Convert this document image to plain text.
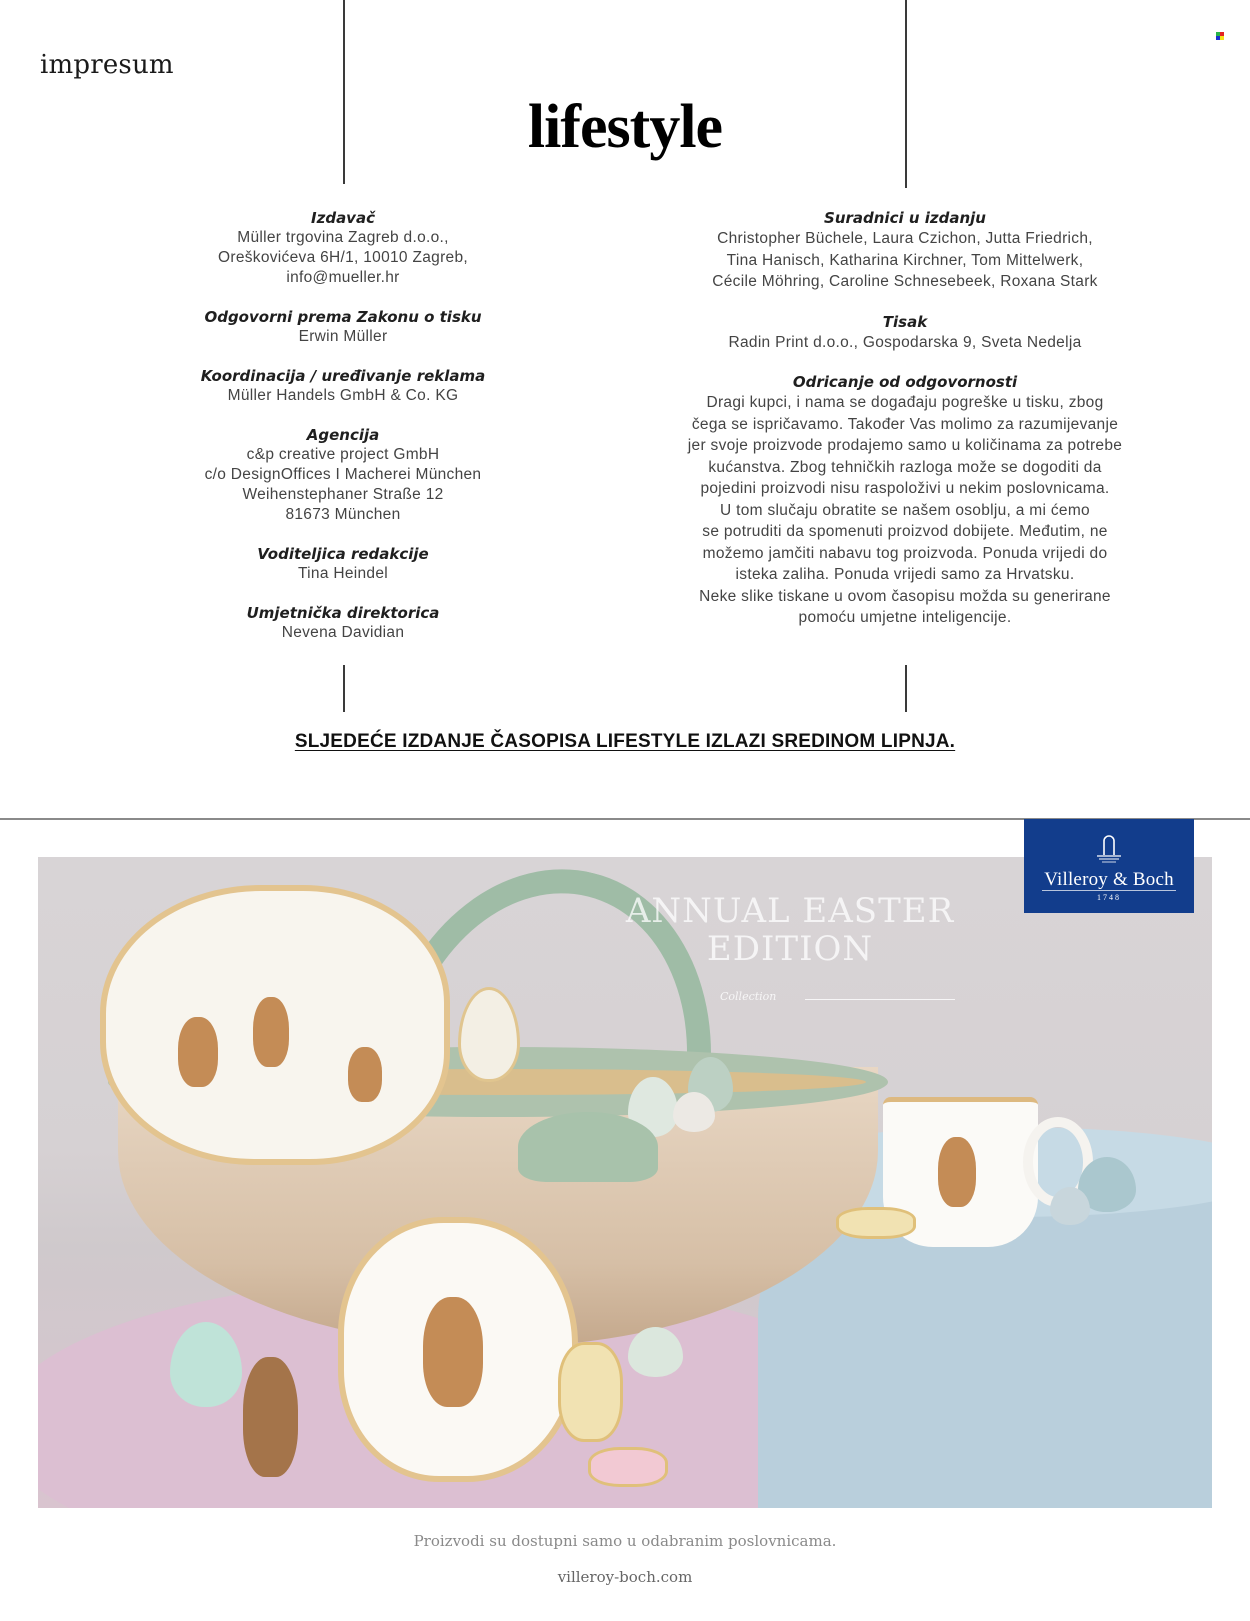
impresum
lifestyle
Izdavač
Müller trgovina Zagreb d.o.o.,
Oreškovićeva 6H/1, 10010 Zagreb,
info@mueller.hr
Odgovorni prema Zakonu o tisku
Erwin Müller
Koordinacija / uređivanje reklama
Müller Handels GmbH & Co. KG
Agencija
c&p creative project GmbH
c/o DesignOffices I Macherei München
Weihenstephaner Straße 12
81673 München
Voditeljica redakcije
Tina Heindel
Umjetnička direktorica
Nevena Davidian
Suradnici u izdanju
Christopher Büchele, Laura Czichon, Jutta Friedrich,
Tina Hanisch, Katharina Kirchner, Tom Mittelwerk,
Cécile Möhring, Caroline Schnesebeek, Roxana Stark
Tisak
Radin Print d.o.o., Gospodarska 9, Sveta Nedelja
Odricanje od odgovornosti
Dragi kupci, i nama se događaju pogreške u tisku, zbog
čega se ispričavamo. Također Vas molimo za razumijevanje
jer svoje proizvode prodajemo samo u količinama za potrebe
kućanstva. Zbog tehničkih razloga može se dogoditi da
pojedini proizvodi nisu raspoloživi u nekim poslovnicama.
U tom slučaju obratite se našem osoblju, a mi ćemo
se potruditi da spomenuti proizvod dobijete. Međutim, ne
možemo jamčiti nabavu tog proizvoda. Ponuda vrijedi do
isteka zaliha. Ponuda vrijedi samo za Hrvatsku.
Neke slike tiskane u ovom časopisu možda su generirane
pomoću umjetne inteligencije.
SLJEDEĆE IZDANJE ČASOPISA LIFESTYLE IZLAZI SREDINOM LIPNJA.
ANNUAL EASTER
EDITION
Collection
Villeroy & Boch
1748
Proizvodi su dostupni samo u odabranim poslovnicama.
villeroy-boch.com
